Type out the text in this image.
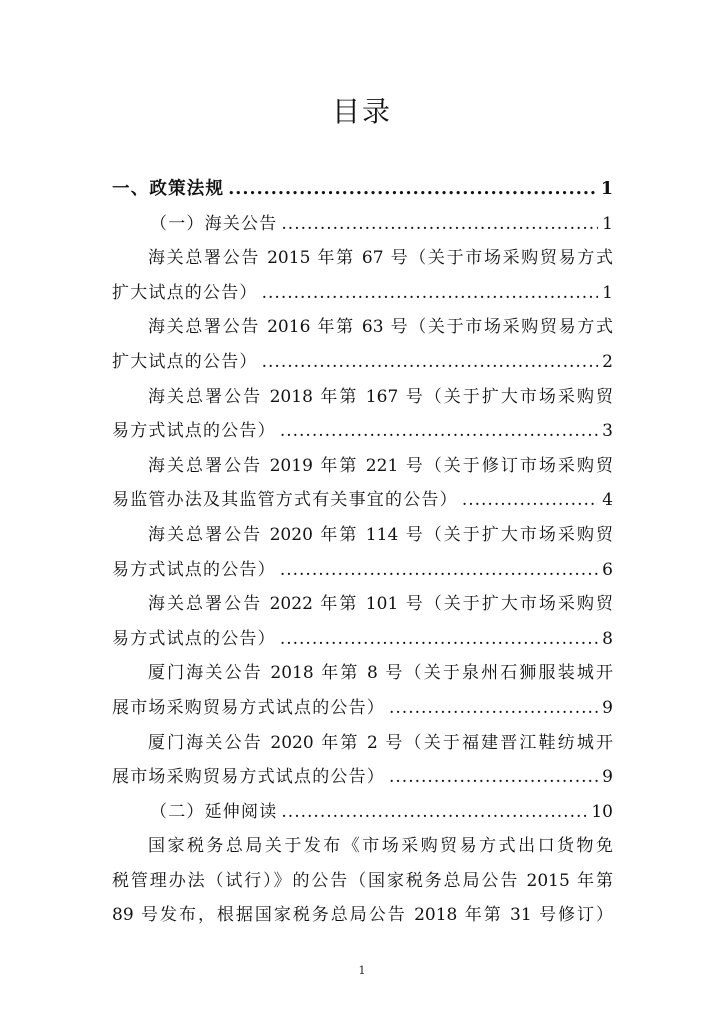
目录
一、政策法规 .....	1
（一）海关公告 .....	1
海关总署公告 2015 年第 67 号（关于市场采购贸易方式
扩大试点的公告） .....	1
海关总署公告 2016 年第 63 号（关于市场采购贸易方式
扩大试点的公告） .....	2
海关总署公告 2018 年第 167 号（关于扩大市场采购贸
易方式试点的公告） .....	3
海关总署公告 2019 年第 221 号（关于修订市场采购贸
易监管办法及其监管方式有关事宜的公告） .....	4
海关总署公告 2020 年第 114 号（关于扩大市场采购贸
易方式试点的公告） .....	6
海关总署公告 2022 年第 101 号（关于扩大市场采购贸
易方式试点的公告） .....	8
厦门海关公告 2018 年第 8 号（关于泉州石狮服装城开
展市场采购贸易方式试点的公告） .....	9
厦门海关公告 2020 年第 2 号（关于福建晋江鞋纺城开
展市场采购贸易方式试点的公告） .....	9
（二）延伸阅读 .....	10
国家税务总局关于发布《市场采购贸易方式出口货物免
税管理办法（试行）》的公告（国家税务总局公告 2015 年第
89 号发布，根据国家税务总局公告 2018 年第 31 号修订）
1
